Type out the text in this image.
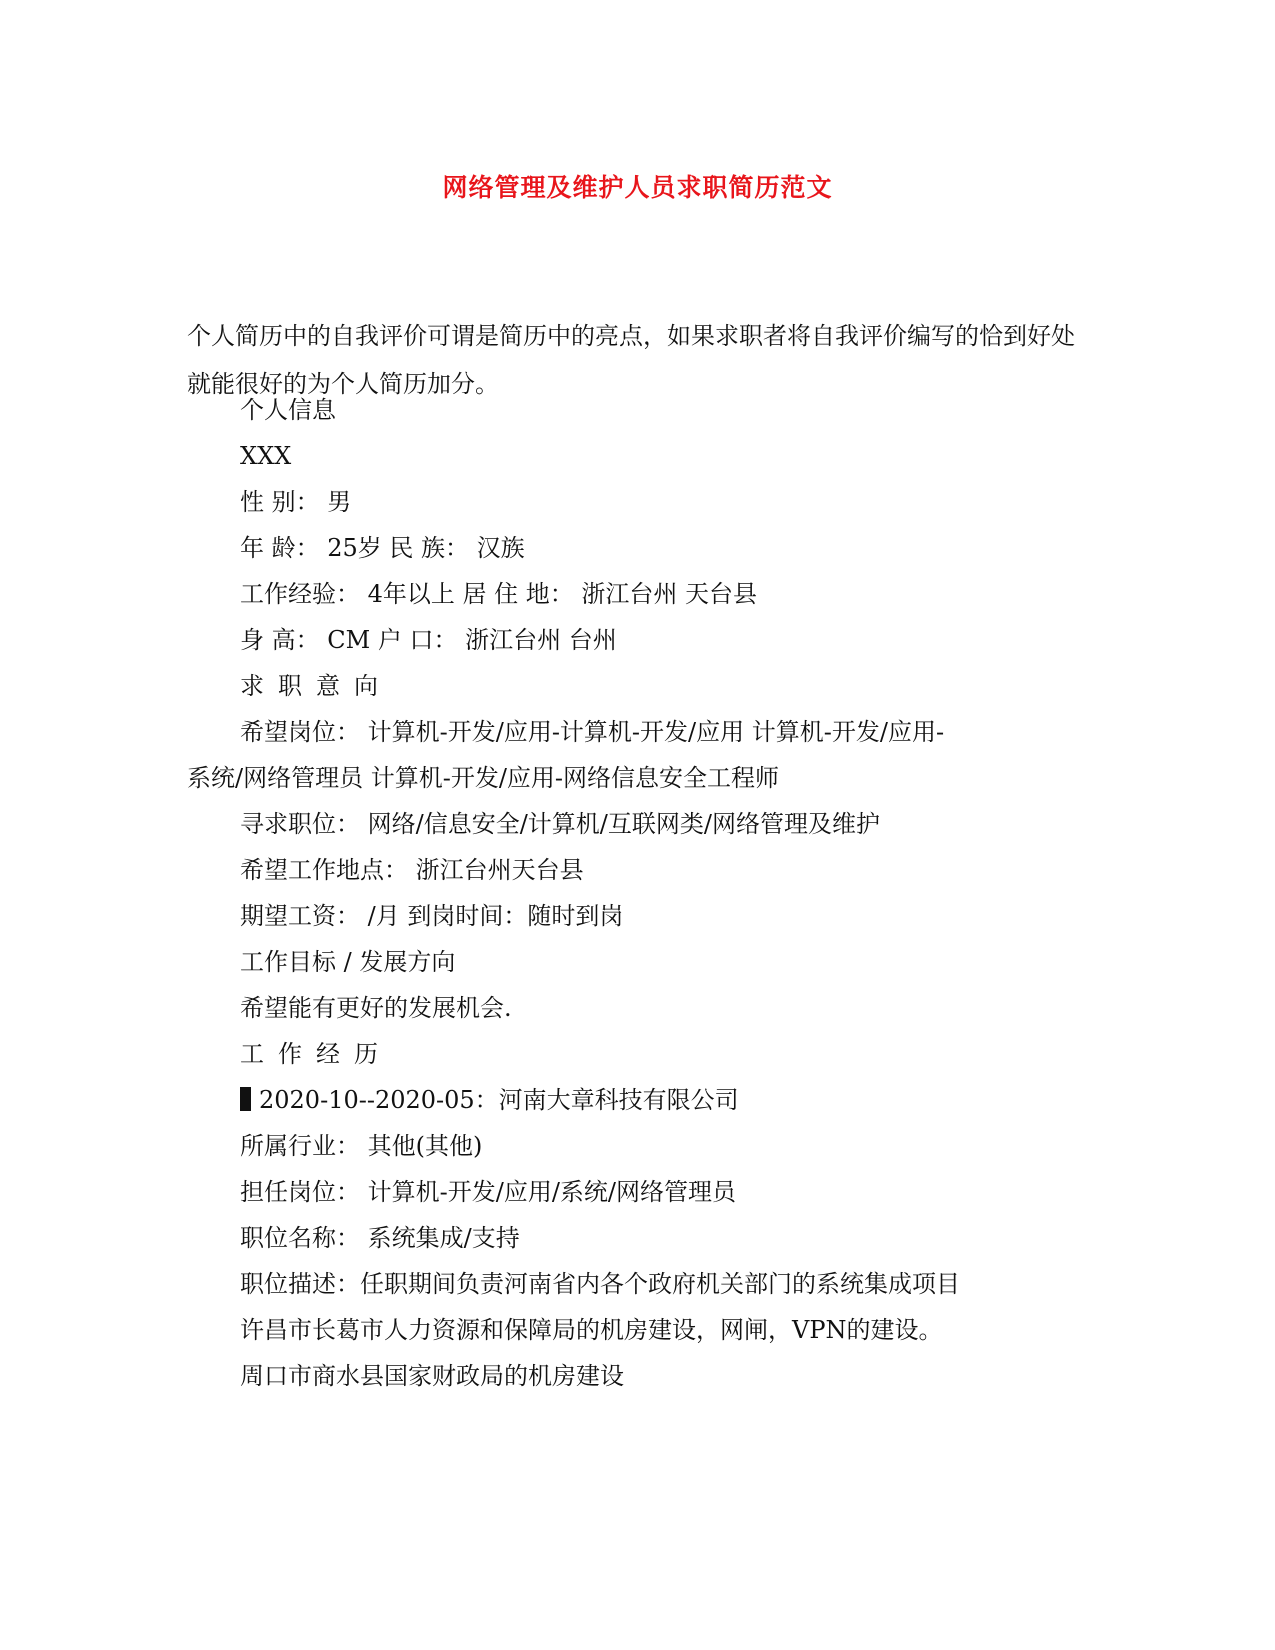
网络管理及维护人员求职简历范文
个人简历中的自我评价可谓是简历中的亮点，如果求职者将自我评价编写的恰到好处就能很好的为个人简历加分。
个人信息
XXX
性 别： 男
年 龄： 25岁 民 族： 汉族
工作经验： 4年以上 居 住 地： 浙江台州 天台县
身 高： CM 户 口： 浙江台州 台州
求职意向
希望岗位： 计算机-开发/应用-计算机-开发/应用 计算机-开发/应用-
系统/网络管理员 计算机-开发/应用-网络信息安全工程师
寻求职位： 网络/信息安全/计算机/互联网类/网络管理及维护
希望工作地点： 浙江台州天台县
期望工资： /月 到岗时间：随时到岗
工作目标 / 发展方向
希望能有更好的发展机会.
工作经历
2020-10--2020-05：河南大章科技有限公司
所属行业： 其他(其他)
担任岗位： 计算机-开发/应用/系统/网络管理员
职位名称： 系统集成/支持
职位描述：任职期间负责河南省内各个政府机关部门的系统集成项目
许昌市长葛市人力资源和保障局的机房建设，网闸，VPN的建设。
周口市商水县国家财政局的机房建设
